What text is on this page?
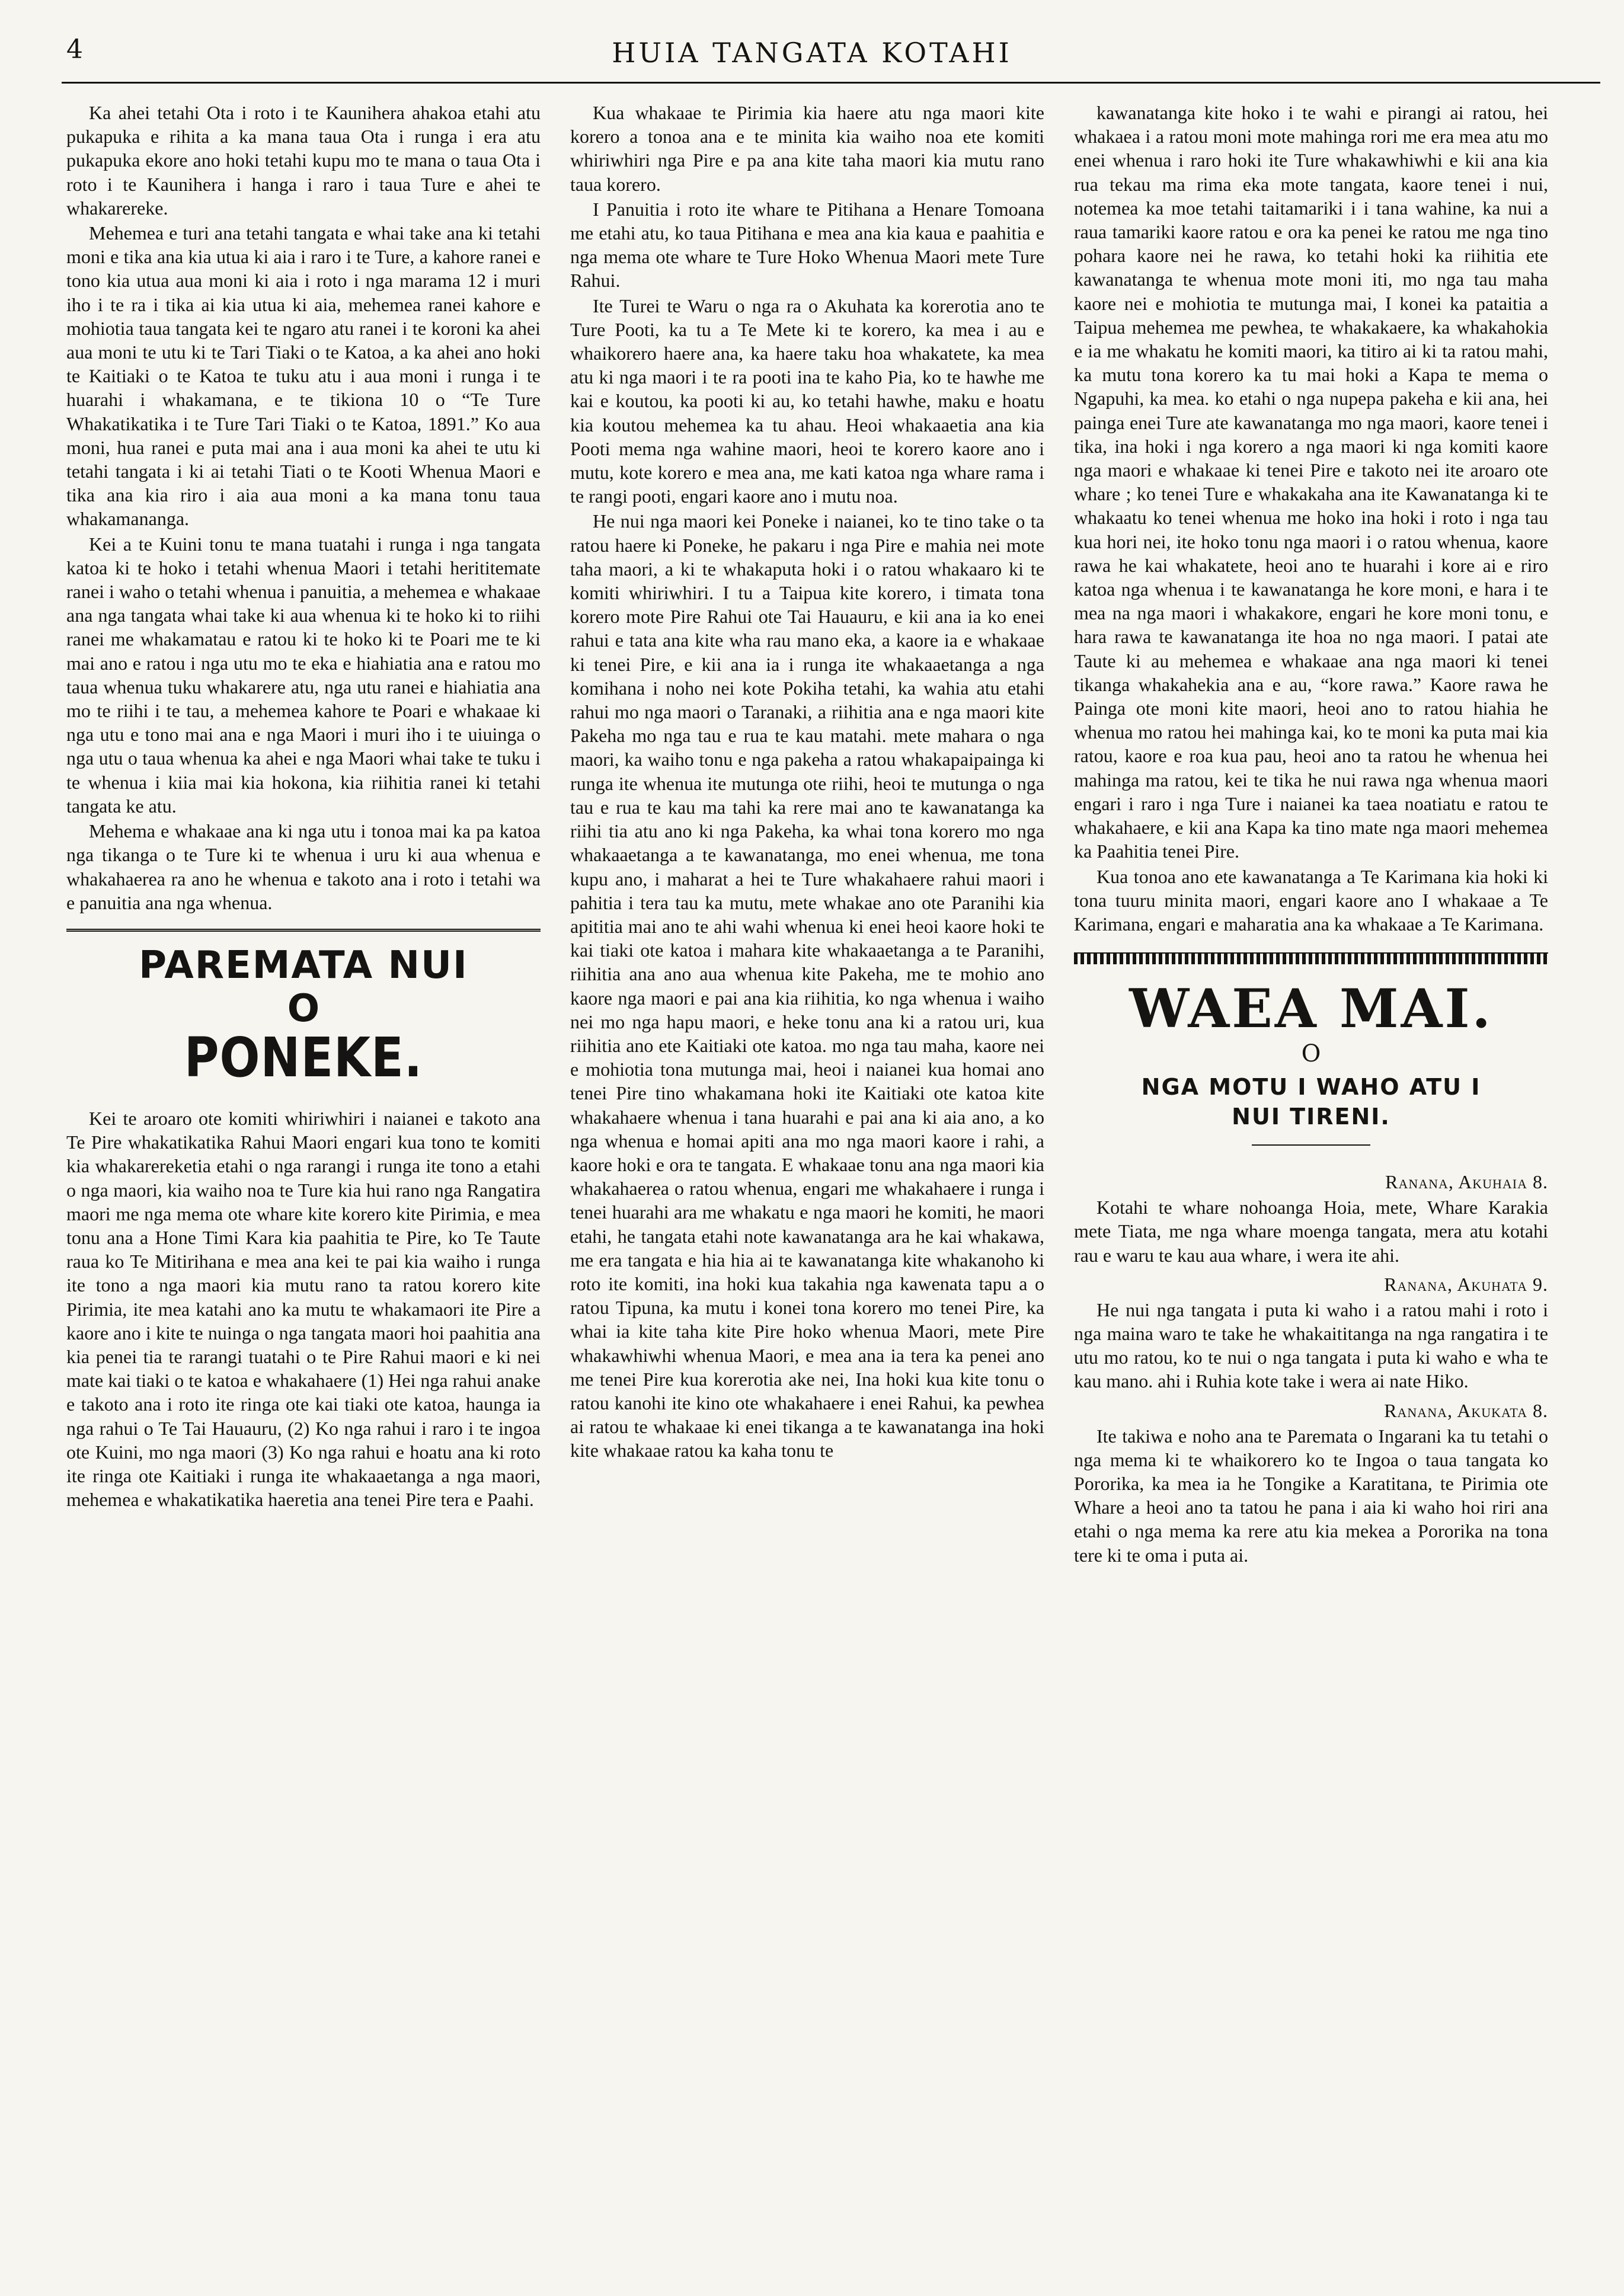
4	HUIA TANGATA KOTAHI

Ka ahei tetahi Ota i roto i te Kaunihera ahakoa etahi atu pukapuka e rihita a ka mana taua Ota i runga i era atu pukapuka ekore ano hoki tetahi kupu mo te mana o taua Ota i roto i te Kaunihera i hanga i raro i taua Ture e ahei te whakarereke.

Mehemea e turi ana tetahi tangata e whai take ana ki tetahi moni e tika ana kia utua ki aia i raro i te Ture, a kahore ranei e tono kia utua aua moni ki aia i roto i nga marama 12 i muri iho i te ra i tika ai kia utua ki aia, mehemea ranei kahore e mohiotia taua tangata kei te ngaro atu ranei i te koroni ka ahei aua moni te utu ki te Tari Tiaki o te Katoa, a ka ahei ano hoki te Kaitiaki o te Katoa te tuku atu i aua moni i runga i te huarahi i whakamana, e te tikiona 10 o “Te Ture Whakatikatika i te Ture Tari Tiaki o te Katoa, 1891.” Ko aua moni, hua ranei e puta mai ana i aua moni ka ahei te utu ki tetahi tangata i ki ai tetahi Tiati o te Kooti Whenua Maori e tika ana kia riro i aia aua moni a ka mana tonu taua whakamananga.

Kei a te Kuini tonu te mana tuatahi i runga i nga tangata katoa ki te hoko i tetahi whenua Maori i tetahi herititemate ranei i waho o tetahi whenua i panuitia, a mehemea e whakaae ana nga tangata whai take ki aua whenua ki te hoko ki to riihi ranei me whakamatau e ratou ki te hoko ki te Poari me te ki mai ano e ratou i nga utu mo te eka e hiahiatia ana e ratou mo taua whenua tuku whakarere atu, nga utu ranei e hiahiatia ana mo te riihi i te tau, a mehemea kahore te Poari e whakaae ki nga utu e tono mai ana e nga Maori i muri iho i te uiuinga o nga utu o taua whenua ka ahei e nga Maori whai take te tuku i te whenua i kiia mai kia hokona, kia riihitia ranei ki tetahi tangata ke atu.

Mehema e whakaae ana ki nga utu i tonoa mai ka pa katoa nga tikanga o te Ture ki te whenua i uru ki aua whenua e whakahaerea ra ano he whenua e takoto ana i roto i tetahi wa e panuitia ana nga whenua.

PAREMATA NUI
O
PONEKE.

Kei te aroaro ote komiti whiriwhiri i naianei e takoto ana Te Pire whakatikatika Rahui Maori engari kua tono te komiti kia whakarereketia etahi o nga rarangi i runga ite tono a etahi o nga maori, kia waiho noa te Ture kia hui rano nga Rangatira maori me nga mema ote whare kite korero kite Pirimia, e mea tonu ana a Hone Timi Kara kia paahitia te Pire, ko Te Taute raua ko Te Mitirihana e mea ana kei te pai kia waiho i runga ite tono a nga maori kia mutu rano ta ratou korero kite Pirimia, ite mea katahi ano ka mutu te whakamaori ite Pire a kaore ano i kite te nuinga o nga tangata maori hoi paahitia ana kia penei tia te rarangi tuatahi o te Pire Rahui maori e ki nei mate kai tiaki o te katoa e whakahaere (1) Hei nga rahui anake e takoto ana i roto ite ringa ote kai tiaki ote katoa, haunga ia nga rahui o Te Tai Hauauru, (2) Ko nga rahui i raro i te ingoa ote Kuini, mo nga maori (3) Ko nga rahui e hoatu ana ki roto ite ringa ote Kaitiaki i runga ite whakaaetanga a nga maori, mehemea e whakatikatika haeretia ana tenei Pire tera e Paahi.

Kua whakaae te Pirimia kia haere atu nga maori kite korero a tonoa ana e te minita kia waiho noa ete komiti whiriwhiri nga Pire e pa ana kite taha maori kia mutu rano taua korero.

I Panuitia i roto ite whare te Pitihana a Henare Tomoana me etahi atu, ko taua Pitihana e mea ana kia kaua e paahitia e nga mema ote whare te Ture Hoko Whenua Maori mete Ture Rahui.

Ite Turei te Waru o nga ra o Akuhata ka korerotia ano te Ture Pooti, ka tu a Te Mete ki te korero, ka mea i au e whaikorero haere ana, ka haere taku hoa whakatete, ka mea atu ki nga maori i te ra pooti ina te kaho Pia, ko te hawhe me kai e koutou, ka pooti ki au, ko tetahi hawhe, maku e hoatu kia koutou mehemea ka tu ahau. Heoi whakaaetia ana kia Pooti mema nga wahine maori, heoi te korero kaore ano i mutu, kote korero e mea ana, me kati katoa nga whare rama i te rangi pooti, engari kaore ano i mutu noa.

He nui nga maori kei Poneke i naianei, ko te tino take o ta ratou haere ki Poneke, he pakaru i nga Pire e mahia nei mote taha maori, a ki te whakaputa hoki i o ratou whakaaro ki te komiti whiriwhiri. I tu a Taipua kite korero, i timata tona korero mote Pire Rahui ote Tai Hauauru, e kii ana ia ko enei rahui e tata ana kite wha rau mano eka, a kaore ia e whakaae ki tenei Pire, e kii ana ia i runga ite whakaaetanga a nga komihana i noho nei kote Pokiha tetahi, ka wahia atu etahi rahui mo nga maori o Taranaki, a riihitia ana e nga maori kite Pakeha mo nga tau e rua te kau matahi. mete mahara o nga maori, ka waiho tonu e nga pakeha a ratou whakapaipainga ki runga ite whenua ite mutunga ote riihi, heoi te mutunga o nga tau e rua te kau ma tahi ka rere mai ano te kawanatanga ka riihi tia atu ano ki nga Pakeha, ka whai tona korero mo nga whakaaetanga a te kawanatanga, mo enei whenua, me tona kupu ano, i maharat a hei te Ture whakahaere rahui maori i pahitia i tera tau ka mutu, mete whakae ano ote Paranihi kia apititia mai ano te ahi wahi whenua ki enei heoi kaore hoki te kai tiaki ote katoa i mahara kite whakaaetanga a te Paranihi, riihitia ana ano aua whenua kite Pakeha, me te mohio ano kaore nga maori e pai ana kia riihitia, ko nga whenua i waiho nei mo nga hapu maori, e heke tonu ana ki a ratou uri, kua riihitia ano ete Kaitiaki ote katoa. mo nga tau maha, kaore nei e mohiotia tona mutunga mai, heoi i naianei kua homai ano tenei Pire tino whakamana hoki ite Kaitiaki ote katoa kite whakahaere whenua i tana huarahi e pai ana ki aia ano, a ko nga whenua e homai apiti ana mo nga maori kaore i rahi, a kaore hoki e ora te tangata. E whakaae tonu ana nga maori kia whakahaerea o ratou whenua, engari me whakahaere i runga i tenei huarahi ara me whakatu e nga maori he komiti, he maori etahi, he tangata etahi note kawanatanga ara he kai whakawa, me era tangata e hia hia ai te kawanatanga kite whakanoho ki roto ite komiti, ina hoki kua takahia nga kawenata tapu a o ratou Tipuna, ka mutu i konei tona korero mo tenei Pire, ka whai ia kite taha kite Pire hoko whenua Maori, mete Pire whakawhiwhi whenua Maori, e mea ana ia tera ka penei ano me tenei Pire kua korerotia ake nei, Ina hoki kua kite tonu o ratou kanohi ite kino ote whakahaere i enei Rahui, ka pewhea ai ratou te whakaae ki enei tikanga a te kawanatanga ina hoki kite whakaae ratou ka kaha tonu te

kawanatanga kite hoko i te wahi e pirangi ai ratou, hei whakaea i a ratou moni mote mahinga rori me era mea atu mo enei whenua i raro hoki ite Ture whakawhiwhi e kii ana kia rua tekau ma rima eka mote tangata, kaore tenei i nui, notemea ka moe tetahi taitamariki i i tana wahine, ka nui a raua tamariki kaore ratou e ora ka penei ke ratou me nga tino pohara kaore nei he rawa, ko tetahi hoki ka riihitia ete kawanatanga te whenua mote moni iti, mo nga tau maha kaore nei e mohiotia te mutunga mai, I konei ka pataitia a Taipua mehemea me pewhea, te whakakaere, ka whakahokia e ia me whakatu he komiti maori, ka titiro ai ki ta ratou mahi, ka mutu tona korero ka tu mai hoki a Kapa te mema o Ngapuhi, ka mea. ko etahi o nga nupepa pakeha e kii ana, hei painga enei Ture ate kawanatanga mo nga maori, kaore tenei i tika, ina hoki i nga korero a nga maori ki nga komiti kaore nga maori e whakaae ki tenei Pire e takoto nei ite aroaro ote whare ; ko tenei Ture e whakakaha ana ite Kawanatanga ki te whakaatu ko tenei whenua me hoko ina hoki i roto i nga tau kua hori nei, ite hoko tonu nga maori i o ratou whenua, kaore rawa he kai whakatete, heoi ano te huarahi i kore ai e riro katoa nga whenua i te kawanatanga he kore moni, e hara i te mea na nga maori i whakakore, engari he kore moni tonu, e hara rawa te kawanatanga ite hoa no nga maori. I patai ate Taute ki au mehemea e whakaae ana nga maori ki tenei tikanga whakahekia ana e au, “kore rawa.” Kaore rawa he Painga ote moni kite maori, heoi ano to ratou hiahia he whenua mo ratou hei mahinga kai, ko te moni ka puta mai kia ratou, kaore e roa kua pau, heoi ano ta ratou he whenua hei mahinga ma ratou, kei te tika he nui rawa nga whenua maori engari i raro i nga Ture i naianei ka taea noatiatu e ratou te whakahaere, e kii ana Kapa ka tino mate nga maori mehemea ka Paahitia tenei Pire.

Kua tonoa ano ete kawanatanga a Te Karimana kia hoki ki tona tuuru minita maori, engari kaore ano I whakaae a Te Karimana, engari e maharatia ana ka whakaae a Te Karimana.

WAEA MAI.
O
NGA MOTU I WAHO ATU I
NUI TIRENI.
Ranana, Akuhaia 8.

Kotahi te whare nohoanga Hoia, mete, Whare Karakia mete Tiata, me nga whare moenga tangata, mera atu kotahi rau e waru te kau aua whare, i wera ite ahi.

Ranana, Akuhata 9.

He nui nga tangata i puta ki waho i a ratou mahi i roto i nga maina waro te take he whakaititanga na nga rangatira i te utu mo ratou, ko te nui o nga tangata i puta ki waho e wha te kau mano. ahi i Ruhia kote take i wera ai nate Hiko.

Ranana, Akukata 8.

Ite takiwa e noho ana te Paremata o Ingarani ka tu tetahi o nga mema ki te whaikorero ko te Ingoa o taua tangata ko Pororika, ka mea ia he Tongike a Karatitana, te Pirimia ote Whare a heoi ano ta tatou he pana i aia ki waho hoi riri ana etahi o nga mema ka rere atu kia mekea a Pororika na tona tere ki te oma i puta ai.
